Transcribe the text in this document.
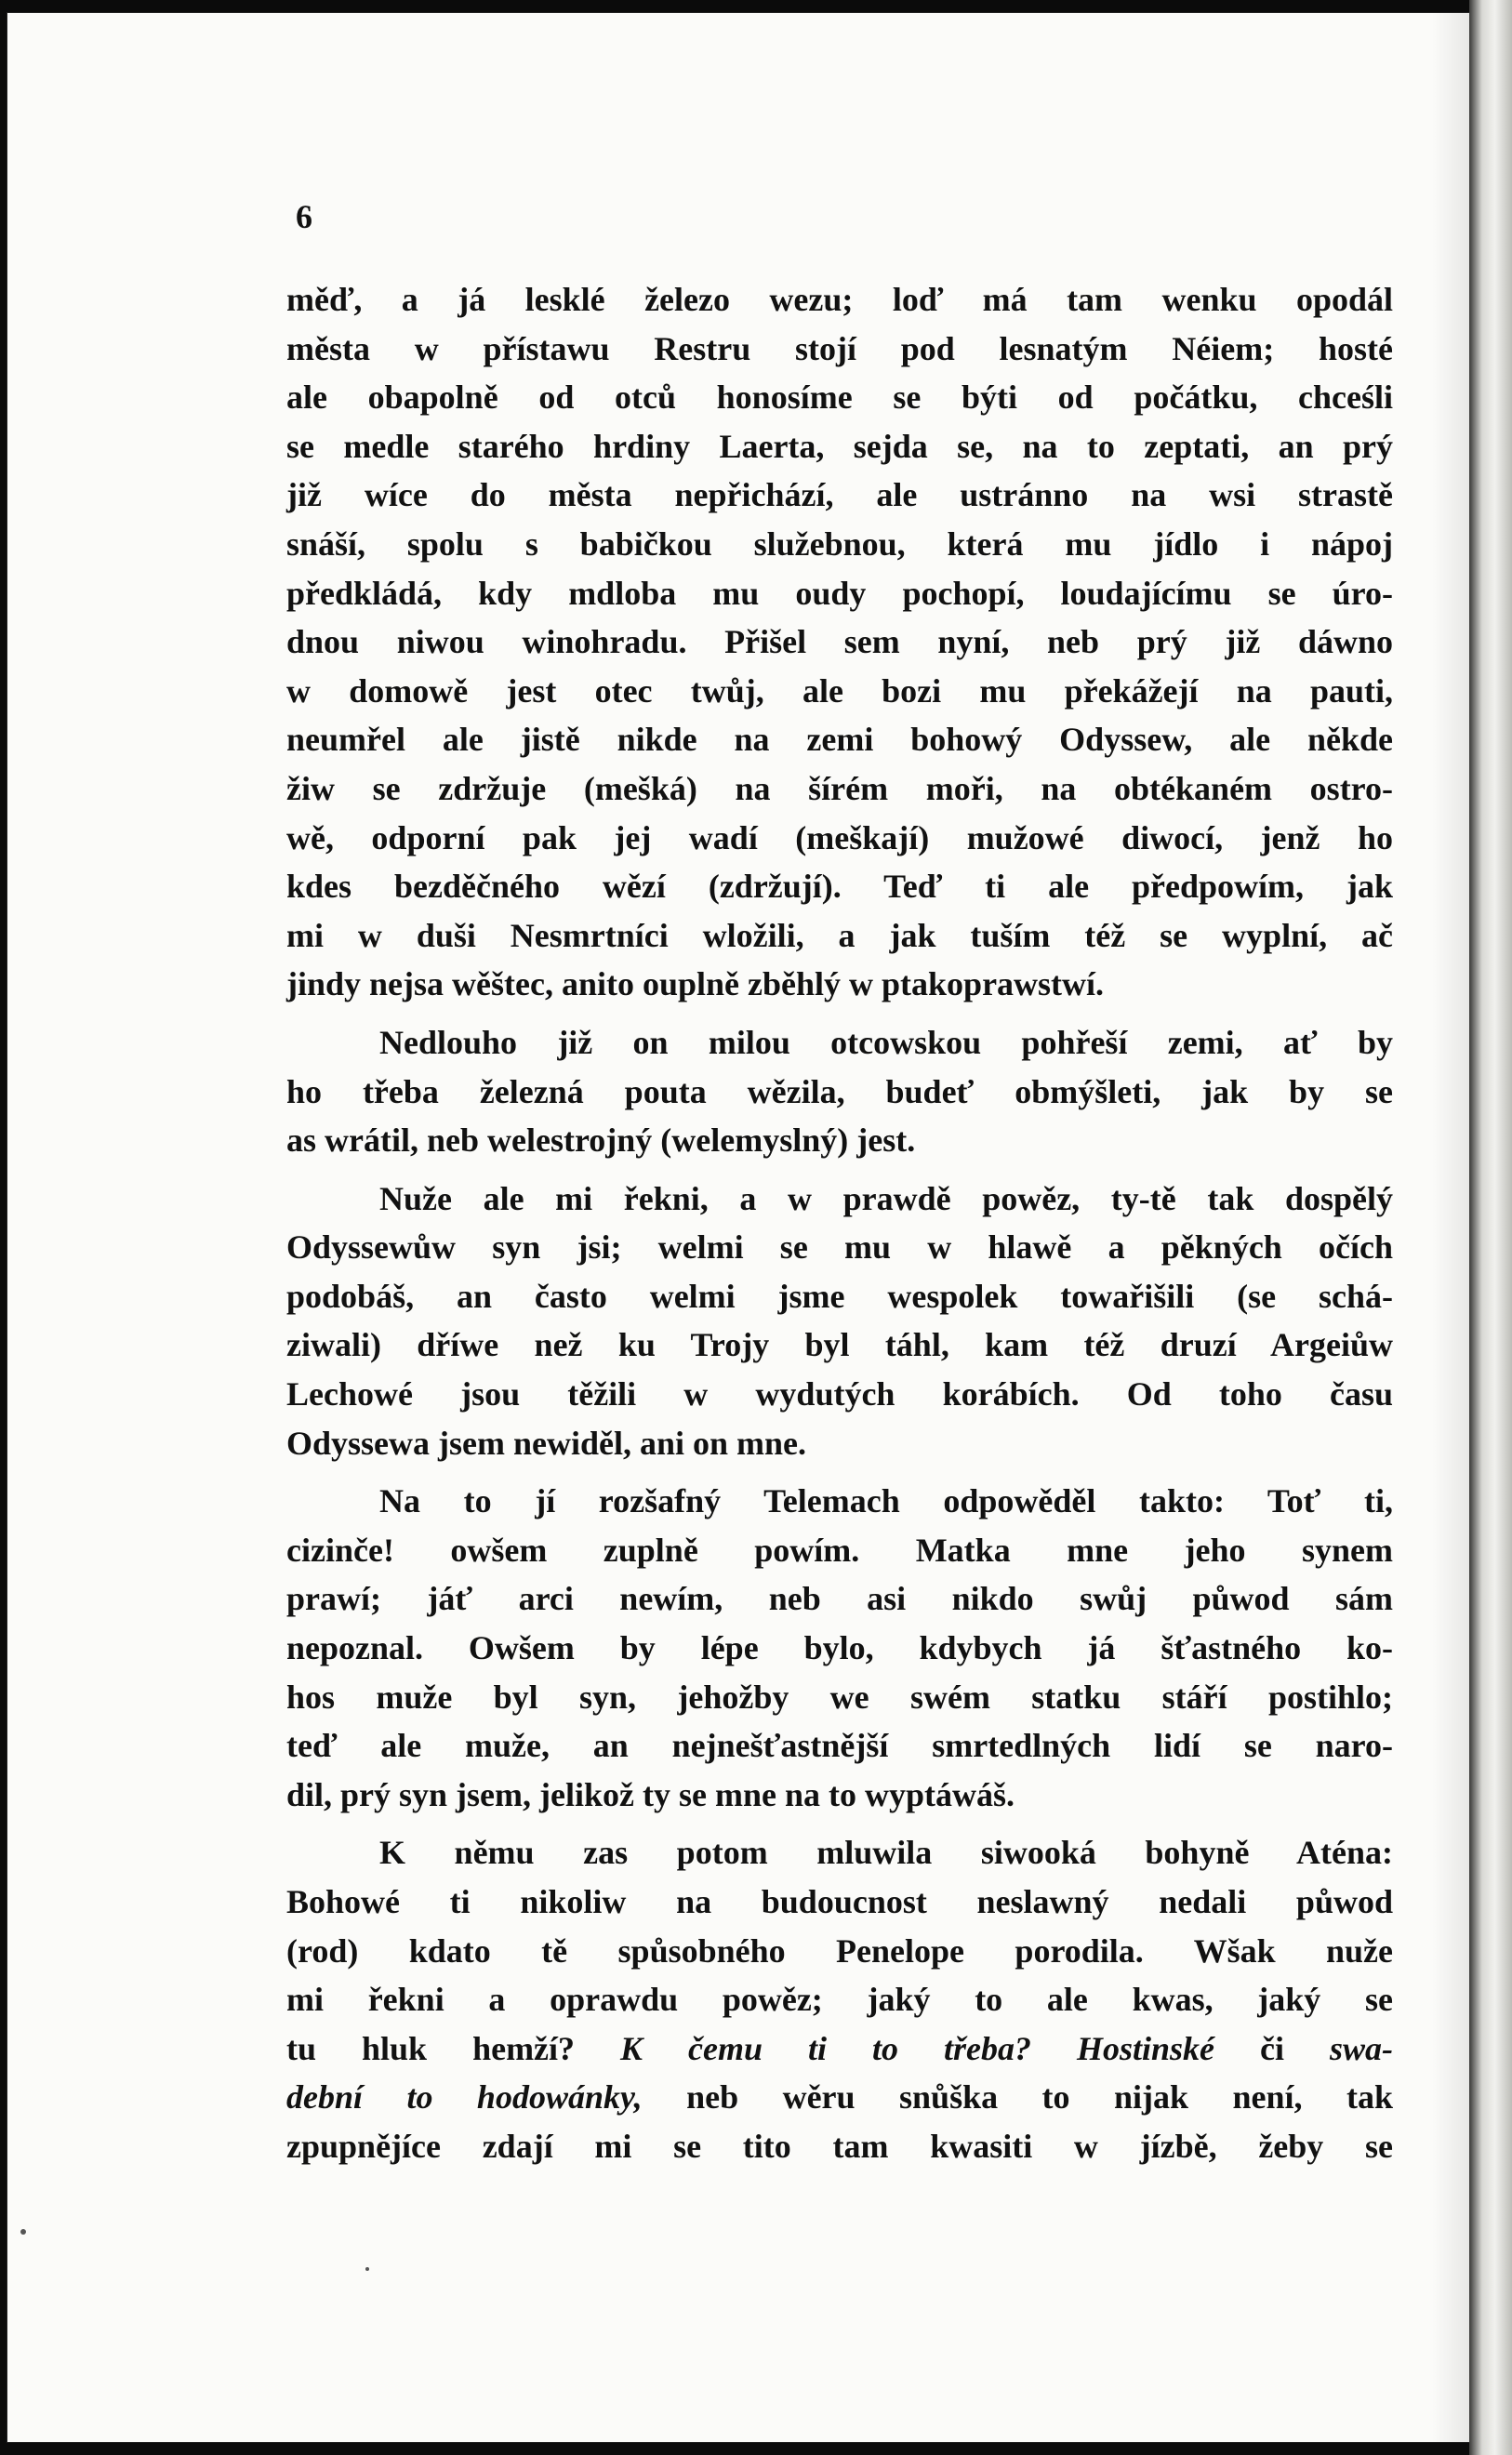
6

měď, a já lesklé železo wezu; loď má tam wenku opodál
města w přístawu Restru stojí pod lesnatým Néiem; hosté
ale obapolně od otců honosíme se býti od počátku, chceśli
se medle starého hrdiny Laerta, sejda se, na to zeptati, an prý
již wíce do města nepřichází, ale ustránno na wsi strastě
snáší, spolu s babičkou služebnou, která mu jídlo i nápoj
předkládá, kdy mdloba mu oudy pochopí, loudajícímu se úro-
dnou niwou winohradu. Přišel sem nyní, neb prý již dáwno
w domowě jest otec twůj, ale bozi mu překážejí na pauti,
neumřel ale jistě nikde na zemi bohowý Odyssew, ale někde
žiw se zdržuje (mešká) na šírém moři, na obtékaném ostro-
wě, odporní pak jej wadí (meškají) mužowé diwocí, jenž ho
kdes bezděčného wězí (zdržují). Teď ti ale předpowím, jak
mi w duši Nesmrtníci wložili, a jak tuším též se wyplní, ač
jindy nejsa wěštec, anito ouplně zběhlý w ptakoprawstwí.

Nedlouho již on milou otcowskou pohřeší zemi, ať by
ho třeba železná pouta wězila, budeť obmýšleti, jak by se
as wrátil, neb welestrojný (welemyslný) jest.

Nuže ale mi řekni, a w prawdě powěz, ty-tě tak dospělý
Odyssewůw syn jsi; welmi se mu w hlawě a pěkných očích
podobáš, an často welmi jsme wespolek towařišili (se schá-
ziwali) dříwe než ku Trojy byl táhl, kam též druzí Argeiůw
Lechowé jsou těžili w wydutých korábích. Od toho času
Odyssewa jsem newiděl, ani on mne.

Na to jí rozšafný Telemach odpowěděl takto: Toť ti,
cizinče! owšem zuplně powím. Matka mne jeho synem
prawí; jáť arci newím, neb asi nikdo swůj půwod sám
nepoznal. Owšem by lépe bylo, kdybych já šťastného ko-
hos muže byl syn, jehožby we swém statku stáří postihlo;
teď ale muže, an nejnešťastnější smrtedlných lidí se naro-
dil, prý syn jsem, jelikož ty se mne na to wyptáwáš.

K němu zas potom mluwila siwooká bohyně Aténa:
Bohowé ti nikoliw na budoucnost neslawný nedali půwod
(rod) kdato tě spůsobného Penelope porodila. Wšak nuže
mi řekni a oprawdu powěz; jaký to ale kwas, jaký se
tu hluk hemží? K čemu ti to třeba? Hostinské či swa-
dební to hodowánky, neb wěru snůška to nijak není, tak
zpupnějíce zdají mi se tito tam kwasiti w jízbě, žeby se
